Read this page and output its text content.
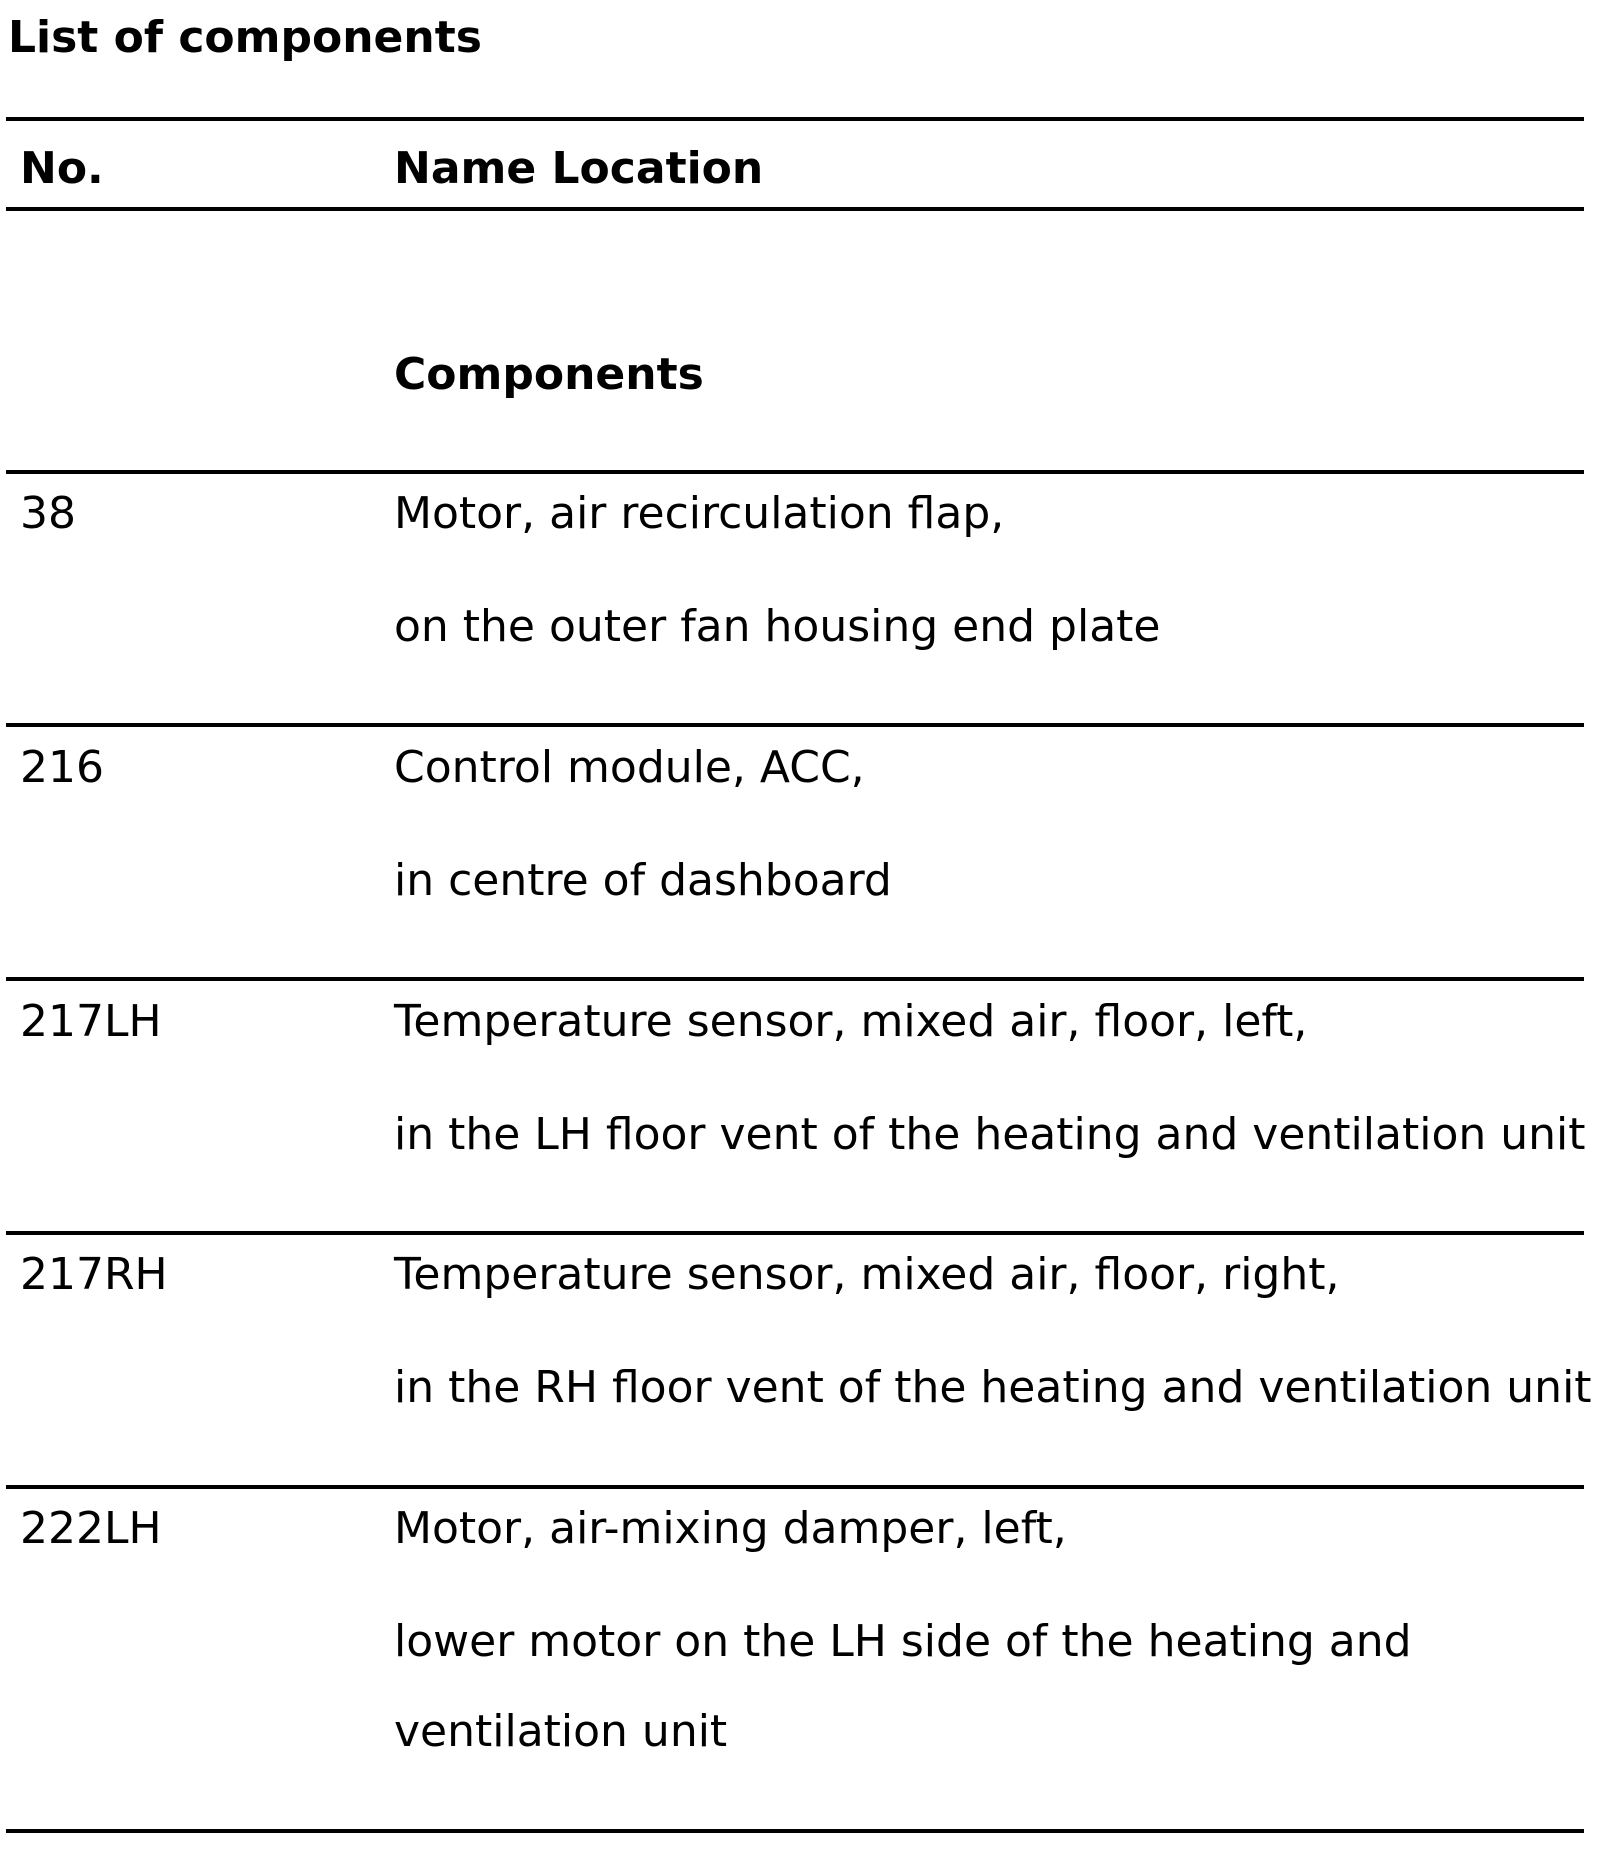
List of components
No.	Name Location
Components
38	Motor, air recirculation flap,
on the outer fan housing end plate
216	Control module, ACC,
in centre of dashboard
217LH	Temperature sensor, mixed air, floor, left,
in the LH floor vent of the heating and ventilation unit
217RH	Temperature sensor, mixed air, floor, right,
in the RH floor vent of the heating and ventilation unit
222LH	Motor, air-mixing damper, left,
lower motor on the LH side of the heating and
ventilation unit
